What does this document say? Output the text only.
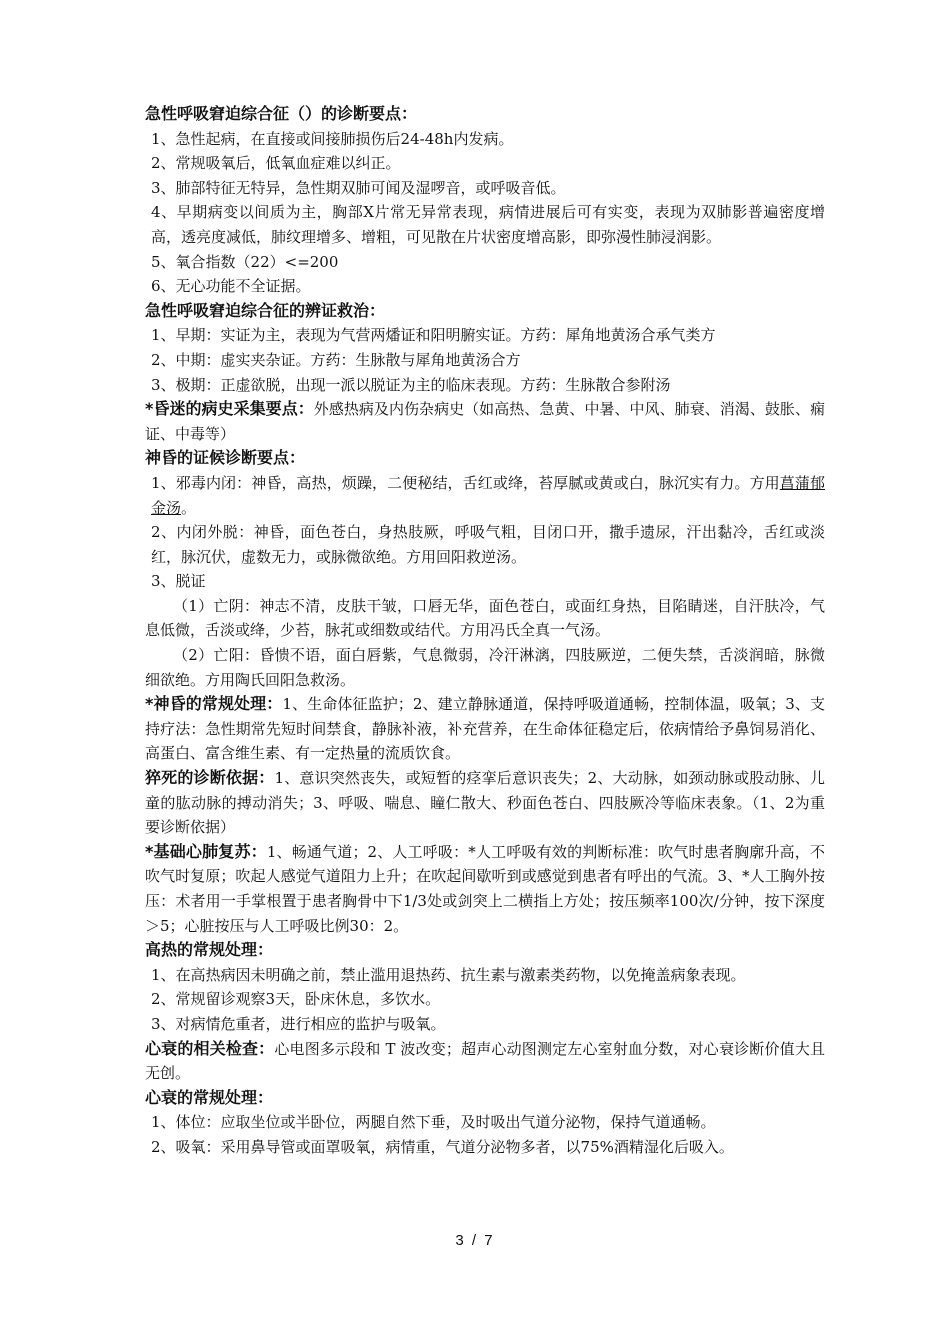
急性呼吸窘迫综合征（）的诊断要点：
1、急性起病，在直接或间接肺损伤后24-48h内发病。
2、常规吸氧后，低氧血症难以纠正。
3、肺部特征无特异，急性期双肺可闻及湿啰音，或呼吸音低。
4、早期病变以间质为主，胸部X片常无异常表现，病情进展后可有实变，表现为双肺影普遍密度增高，透亮度减低，肺纹理增多、增粗，可见散在片状密度增高影，即弥漫性肺浸润影。
5、氧合指数（22）<=200
6、无心功能不全证据。
急性呼吸窘迫综合征的辨证救治：
1、早期：实证为主，表现为气营两燔证和阳明腑实证。方药：犀角地黄汤合承气类方
2、中期：虚实夹杂证。方药：生脉散与犀角地黄汤合方
3、极期：正虚欲脱，出现一派以脱证为主的临床表现。方药：生脉散合参附汤
*昏迷的病史采集要点：外感热病及内伤杂病史（如高热、急黄、中暑、中风、肺衰、消渴、鼓胀、痫证、中毒等）
神昏的证候诊断要点：
1、邪毒内闭：神昏，高热，烦躁，二便秘结，舌红或绛，苔厚腻或黄或白，脉沉实有力。方用菖蒲郁金汤。
2、内闭外脱：神昏，面色苍白，身热肢厥，呼吸气粗，目闭口开，撒手遗尿，汗出黏冷，舌红或淡红，脉沉伏，虚数无力，或脉微欲绝。方用回阳救逆汤。
3、脱证
（1）亡阴：神志不清，皮肤干皱，口唇无华，面色苍白，或面红身热，目陷睛迷，自汗肤冷，气息低微，舌淡或绛，少苔，脉芤或细数或结代。方用冯氏全真一气汤。
（2）亡阳：昏愦不语，面白唇紫，气息微弱，冷汗淋漓，四肢厥逆，二便失禁，舌淡润暗，脉微细欲绝。方用陶氏回阳急救汤。
*神昏的常规处理：1、生命体征监护；2、建立静脉通道，保持呼吸道通畅，控制体温，吸氧；3、支持疗法：急性期常先短时间禁食，静脉补液，补充营养，在生命体征稳定后，依病情给予鼻饲易消化、高蛋白、富含维生素、有一定热量的流质饮食。
猝死的诊断依据：1、意识突然丧失，或短暂的痉挛后意识丧失；2、大动脉，如颈动脉或股动脉、儿童的肱动脉的搏动消失；3、呼吸、喘息、瞳仁散大、秒面色苍白、四肢厥冷等临床表象。（1、2为重要诊断依据）
*基础心肺复苏：1、畅通气道；2、人工呼吸：*人工呼吸有效的判断标准：吹气时患者胸廓升高，不吹气时复原；吹起人感觉气道阻力上升；在吹起间歇听到或感觉到患者有呼出的气流。3、*人工胸外按压：术者用一手掌根置于患者胸骨中下1/3处或剑突上二横指上方处；按压频率100次/分钟，按下深度＞5；心脏按压与人工呼吸比例30：2。
高热的常规处理：
1、在高热病因未明确之前，禁止滥用退热药、抗生素与激素类药物，以免掩盖病象表现。
2、常规留诊观察3天，卧床休息，多饮水。
3、对病情危重者，进行相应的监护与吸氧。
心衰的相关检查：心电图多示段和 T 波改变；超声心动图测定左心室射血分数，对心衰诊断价值大且无创。
心衰的常规处理：
1、体位：应取坐位或半卧位，两腿自然下垂，及时吸出气道分泌物，保持气道通畅。
2、吸氧：采用鼻导管或面罩吸氧，病情重，气道分泌物多者，以75%酒精湿化后吸入。
3 / 7
